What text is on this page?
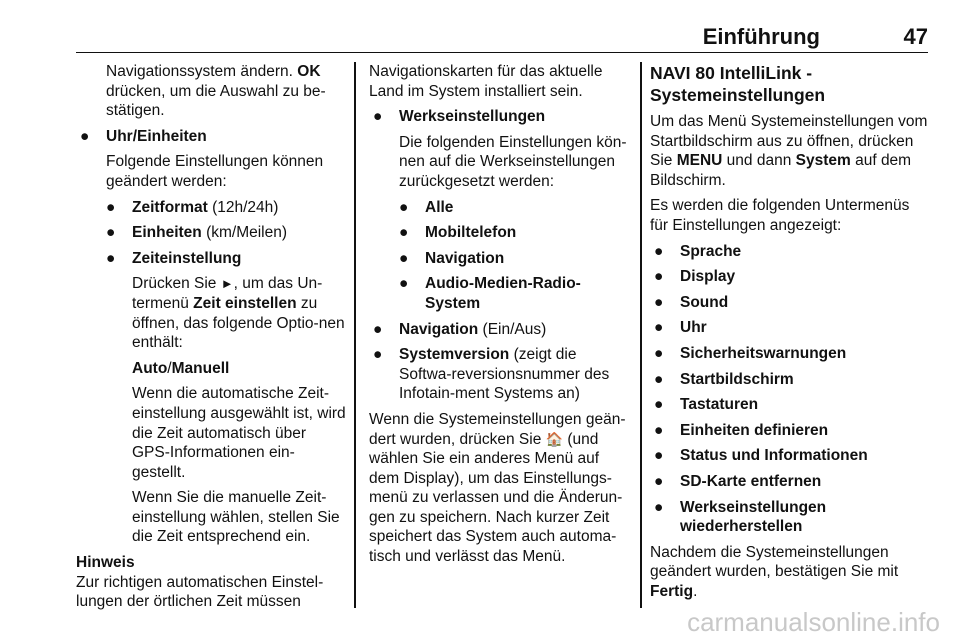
Einführung	47

Navigationssystem ändern. OK drücken, um die Auswahl zu be-stätigen.

● Uhr/Einheiten

Folgende Einstellungen können geändert werden:

● Zeitformat (12h/24h)
● Einheiten (km/Meilen)
● Zeiteinstellung

Drücken Sie ►, um das Un-termenü Zeit einstellen zu öffnen, das folgende Optio-nen enthält:

Auto/Manuell

Wenn die automatische Zeit-einstellung ausgewählt ist, wird die Zeit automatisch über GPS-Informationen ein-gestellt.

Wenn Sie die manuelle Zeit-einstellung wählen, stellen Sie die Zeit entsprechend ein.

Hinweis

Zur richtigen automatischen Einstel-lungen der örtlichen Zeit müssen

Navigationskarten für das aktuelle Land im System installiert sein.

● Werkseinstellungen

Die folgenden Einstellungen kön-nen auf die Werkseinstellungen zurückgesetzt werden:

● Alle
● Mobiltelefon
● Navigation
● Audio-Medien-Radio-System
● Navigation (Ein/Aus)
● Systemversion (zeigt die Softwa-reversionsnummer des Infotain-ment Systems an)

Wenn die Systemeinstellungen geän-dert wurden, drücken Sie 🏠 (und wählen Sie ein anderes Menü auf dem Display), um das Einstellungs-menü zu verlassen und die Änderun-gen zu speichern. Nach kurzer Zeit speichert das System auch automa-tisch und verlässt das Menü.

NAVI 80 IntelliLink - Systemeinstellungen

Um das Menü Systemeinstellungen vom Startbildschirm aus zu öffnen, drücken Sie MENU und dann System auf dem Bildschirm.

Es werden die folgenden Untermenüs für Einstellungen angezeigt:

● Sprache
● Display
● Sound
● Uhr
● Sicherheitswarnungen
● Startbildschirm
● Tastaturen
● Einheiten definieren
● Status und Informationen
● SD-Karte entfernen
● Werkseinstellungen wiederherstellen

Nachdem die Systemeinstellungen geändert wurden, bestätigen Sie mit Fertig.

carmanualsonline.info
